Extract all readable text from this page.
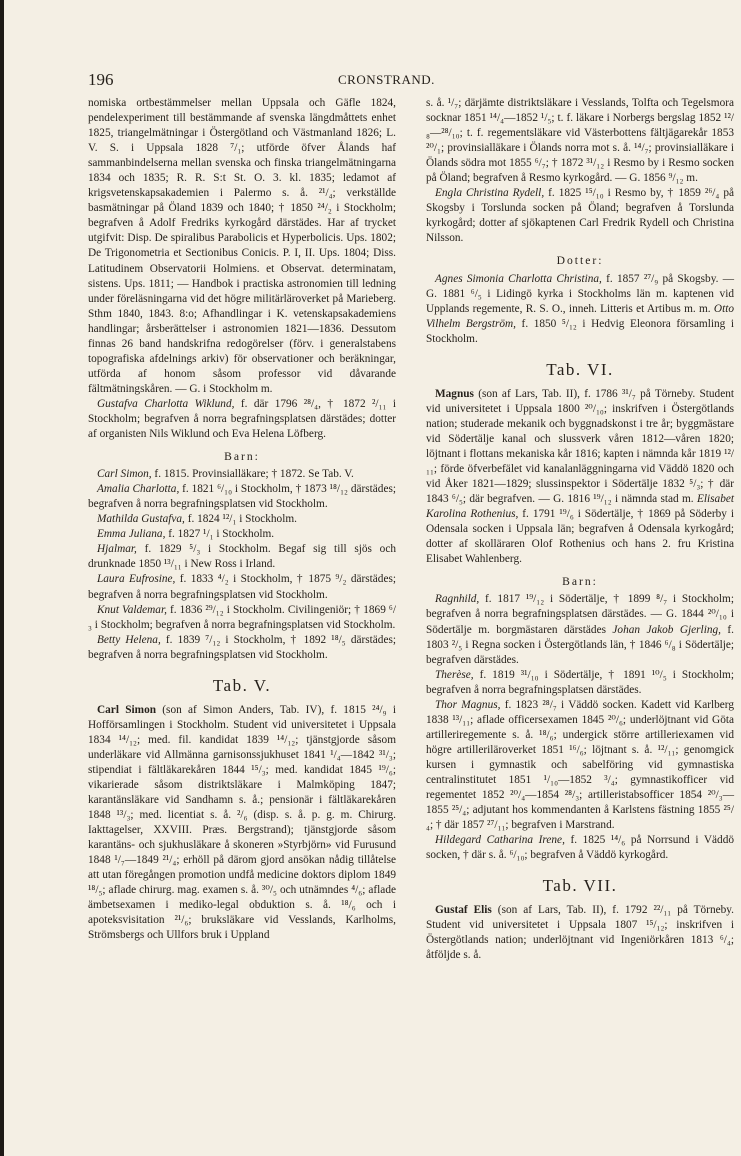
196	CRONSTRAND.

nomiska ortbestämmelser mellan Uppsala och Gäfle 1824, pendelexperiment till bestämmande af svenska längdmåttets enhet 1825, triangelmätningar i Östergötland och Västmanland 1826; L. V. S. i Uppsala 1828 ⁷/₁; utförde öfver Ålands haf sammanbindelserna mellan svenska och finska triangelmätningarna 1834 och 1835; R. R. S:t St. O. 3. kl. 1835; ledamot af krigsvetenskapsakademien i Palermo s. å. ²¹/₄; verkställde basmätningar på Öland 1839 och 1840; † 1850 ²⁴/₂ i Stockholm; begrafven å Adolf Fredriks kyrkogård därstädes. Har af trycket utgifvit: Disp. De spiralibus Parabolicis et Hyperbolicis. Ups. 1802; De Trigonometria et Sectionibus Conicis. P. I, II. Ups. 1804; Diss. Latitudinem Observatorii Holmiens. et Observat. determinatam, sistens. Ups. 1811; — Handbok i practiska astronomien till ledning under föreläsningarna vid det högre militärläroverket på Marieberg. Sthm 1840, 1843. 8:o; Afhandlingar i K. vetenskapsakademiens handlingar; årsberättelser i astronomien 1821—1836. Dessutom finnas 26 band handskrifna redogörelser (förv. i generalstabens topografiska afdelnings arkiv) för observationer och beräkningar, utförda af honom såsom professor vid dåvarande fältmätningskåren. — G. i Stockholm m.

Gustafva Charlotta Wiklund, f. där 1796 ²⁸/₄, † 1872 ²/₁₁ i Stockholm; begrafven å norra begrafningsplatsen därstädes; dotter af organisten Nils Wiklund och Eva Helena Löfberg.

Barn:

Carl Simon, f. 1815. Provinsialläkare; † 1872. Se Tab. V.

Amalia Charlotta, f. 1821 ⁶/₁₀ i Stockholm, † 1873 ¹⁸/₁₂ därstädes; begrafven å norra begrafningsplatsen vid Stockholm.

Mathilda Gustafva, f. 1824 ¹²/₁ i Stockholm.

Emma Juliana, f. 1827 ¹/₁ i Stockholm.

Hjalmar, f. 1829 ⁵/₃ i Stockholm. Begaf sig till sjös och drunknade 1850 ¹³/₁₁ i New Ross i Irland.

Laura Eufrosine, f. 1833 ⁴/₂ i Stockholm, † 1875 ⁹/₂ därstädes; begrafven å norra begrafningsplatsen vid Stockholm.

Knut Valdemar, f. 1836 ²⁹/₁₂ i Stockholm. Civilingeniör; † 1869 ⁶/₃ i Stockholm; begrafven å norra begrafningsplatsen vid Stockholm.

Betty Helena, f. 1839 ⁷/₁₂ i Stockholm, † 1892 ¹⁸/₅ därstädes; begrafven å norra begrafningsplatsen vid Stockholm.

Tab. V.

Carl Simon (son af Simon Anders, Tab. IV), f. 1815 ²⁴/₉ i Hofförsamlingen i Stockholm. Student vid universitetet i Uppsala 1834 ¹⁴/₁₂; med. fil. kandidat 1839 ¹⁴/₁₂; tjänstgjorde såsom underläkare vid Allmänna garnisonssjukhuset 1841 ¹/₄—1842 ³¹/₃; stipendiat i fältläkarekåren 1844 ¹⁵/₃; med. kandidat 1845 ¹⁹/₆; vikarierade såsom distriktsläkare i Malmköping 1847; karantänsläkare vid Sandhamn s. å.; pensionär i fältläkarekåren 1848 ¹³/₃; med. licentiat s. å. ²/₆ (disp. s. å. p. g. m. Chirurg. Iakttagelser, XXVIII. Præs. Bergstrand); tjänstgjorde såsom karantäns- och sjukhusläkare å skoneren »Styrbjörn» vid Furusund 1848 ¹/₇—1849 ²¹/₄; erhöll på därom gjord ansökan nådig tillåtelse att utan föregången promotion undfå medicine doktors diplom 1849 ¹⁸/₅; aflade chirurg. mag. examen s. å. ³⁰/₅ och utnämndes ⁴/₆; aflade ämbetsexamen i mediko-legal obduktion s. å. ¹⁸/₆ och i apoteksvisitation ²¹/₆; bruksläkare vid Vesslands, Karlholms, Strömsbergs och Ullfors bruk i Uppland

s. å. ¹/₇; därjämte distriktsläkare i Vesslands, Tolfta och Tegelsmora socknar 1851 ¹⁴/₄—1852 ¹/₅; t. f. läkare i Norbergs bergslag 1852 ¹²/₈—²⁸/₁₀; t. f. regementsläkare vid Västerbottens fältjägarekår 1853 ²⁰/₁; provinsialläkare i Ölands norra mot s. å. ¹⁴/₇; provinsialläkare i Ölands södra mot 1855 ⁶/₇; † 1872 ³¹/₁₂ i Resmo by i Resmo socken på Öland; begrafven å Resmo kyrkogård. — G. 1856 ⁹/₁₂ m.

Engla Christina Rydell, f. 1825 ¹⁵/₁₀ i Resmo by, † 1859 ²⁶/₄ på Skogsby i Torslunda socken på Öland; begrafven å Torslunda kyrkogård; dotter af sjökaptenen Carl Fredrik Rydell och Christina Nilsson.

Dotter:

Agnes Simonia Charlotta Christina, f. 1857 ²⁷/₉ på Skogsby. — G. 1881 ⁶/₅ i Lidingö kyrka i Stockholms län m. kaptenen vid Upplands regemente, R. S. O., inneh. Litteris et Artibus m. m. Otto Vilhelm Bergström, f. 1850 ⁵/₁₂ i Hedvig Eleonora församling i Stockholm.

Tab. VI.

Magnus (son af Lars, Tab. II), f. 1786 ³¹/₇ på Törneby. Student vid universitetet i Uppsala 1800 ²⁰/₁₀; inskrifven i Östergötlands nation; studerade mekanik och byggnadskonst i tre år; byggmästare vid Södertälje kanal och slussverk våren 1812—våren 1820; löjtnant i flottans mekaniska kår 1816; kapten i nämnda kår 1819 ¹²/₁₁; förde öfverbefälet vid kanalanläggningarna vid Väddö 1820 och vid Åker 1821—1829; slussinspektor i Södertälje 1832 ⁵/₃; † där 1843 ⁶/₅; där begrafven. — G. 1816 ¹⁹/₁₂ i nämnda stad m. Elisabet Karolina Rothenius, f. 1791 ¹⁹/₆ i Södertälje, † 1869 på Söderby i Odensala socken i Uppsala län; begrafven å Odensala kyrkogård; dotter af skolläraren Olof Rothenius och hans 2. fru Kristina Elisabet Wahlenberg.

Barn:

Ragnhild, f. 1817 ¹⁹/₁₂ i Södertälje, † 1899 ⁸/₇ i Stockholm; begrafven å norra begrafningsplatsen därstädes. — G. 1844 ²⁰/₁₀ i Södertälje m. borgmästaren därstädes Johan Jakob Gjerling, f. 1803 ²/₅ i Regna socken i Östergötlands län, † 1846 ⁶/₈ i Södertälje; begrafven därstädes.

Therèse, f. 1819 ³¹/₁₀ i Södertälje, † 1891 ¹⁰/₅ i Stockholm; begrafven å norra begrafningsplatsen därstädes.

Thor Magnus, f. 1823 ²⁸/₇ i Väddö socken. Kadett vid Karlberg 1838 ¹³/₁₁; aflade officersexamen 1845 ²⁰/₆; underlöjtnant vid Göta artilleriregemente s. å. ¹⁸/₆; undergick större artilleriexamen vid högre artilleriläroverket 1851 ¹⁶/₆; löjtnant s. å. ¹²/₁₁; genomgick kursen i gymnastik och sabelföring vid gymnastiska centralinstitutet 1851 ¹/₁₀—1852 ³/₄; gymnastikofficer vid regementet 1852 ²⁰/₄—1854 ²⁸/₃; artilleristabsofficer 1854 ²⁰/₃—1855 ²⁵/₄; adjutant hos kommendanten å Karlstens fästning 1855 ²⁵/₄; † där 1857 ²⁷/₁₁; begrafven i Marstrand.

Hildegard Catharina Irene, f. 1825 ¹⁴/₆ på Norrsund i Väddö socken, † där s. å. ⁶/₁₀; begrafven å Väddö kyrkogård.

Tab. VII.

Gustaf Elis (son af Lars, Tab. II), f. 1792 ²²/₁₁ på Törneby. Student vid universitetet i Uppsala 1807 ¹⁵/₁₂; inskrifven i Östergötlands nation; underlöjtnant vid Ingeniörkåren 1813 ⁶/₄; åtföljde s. å.
